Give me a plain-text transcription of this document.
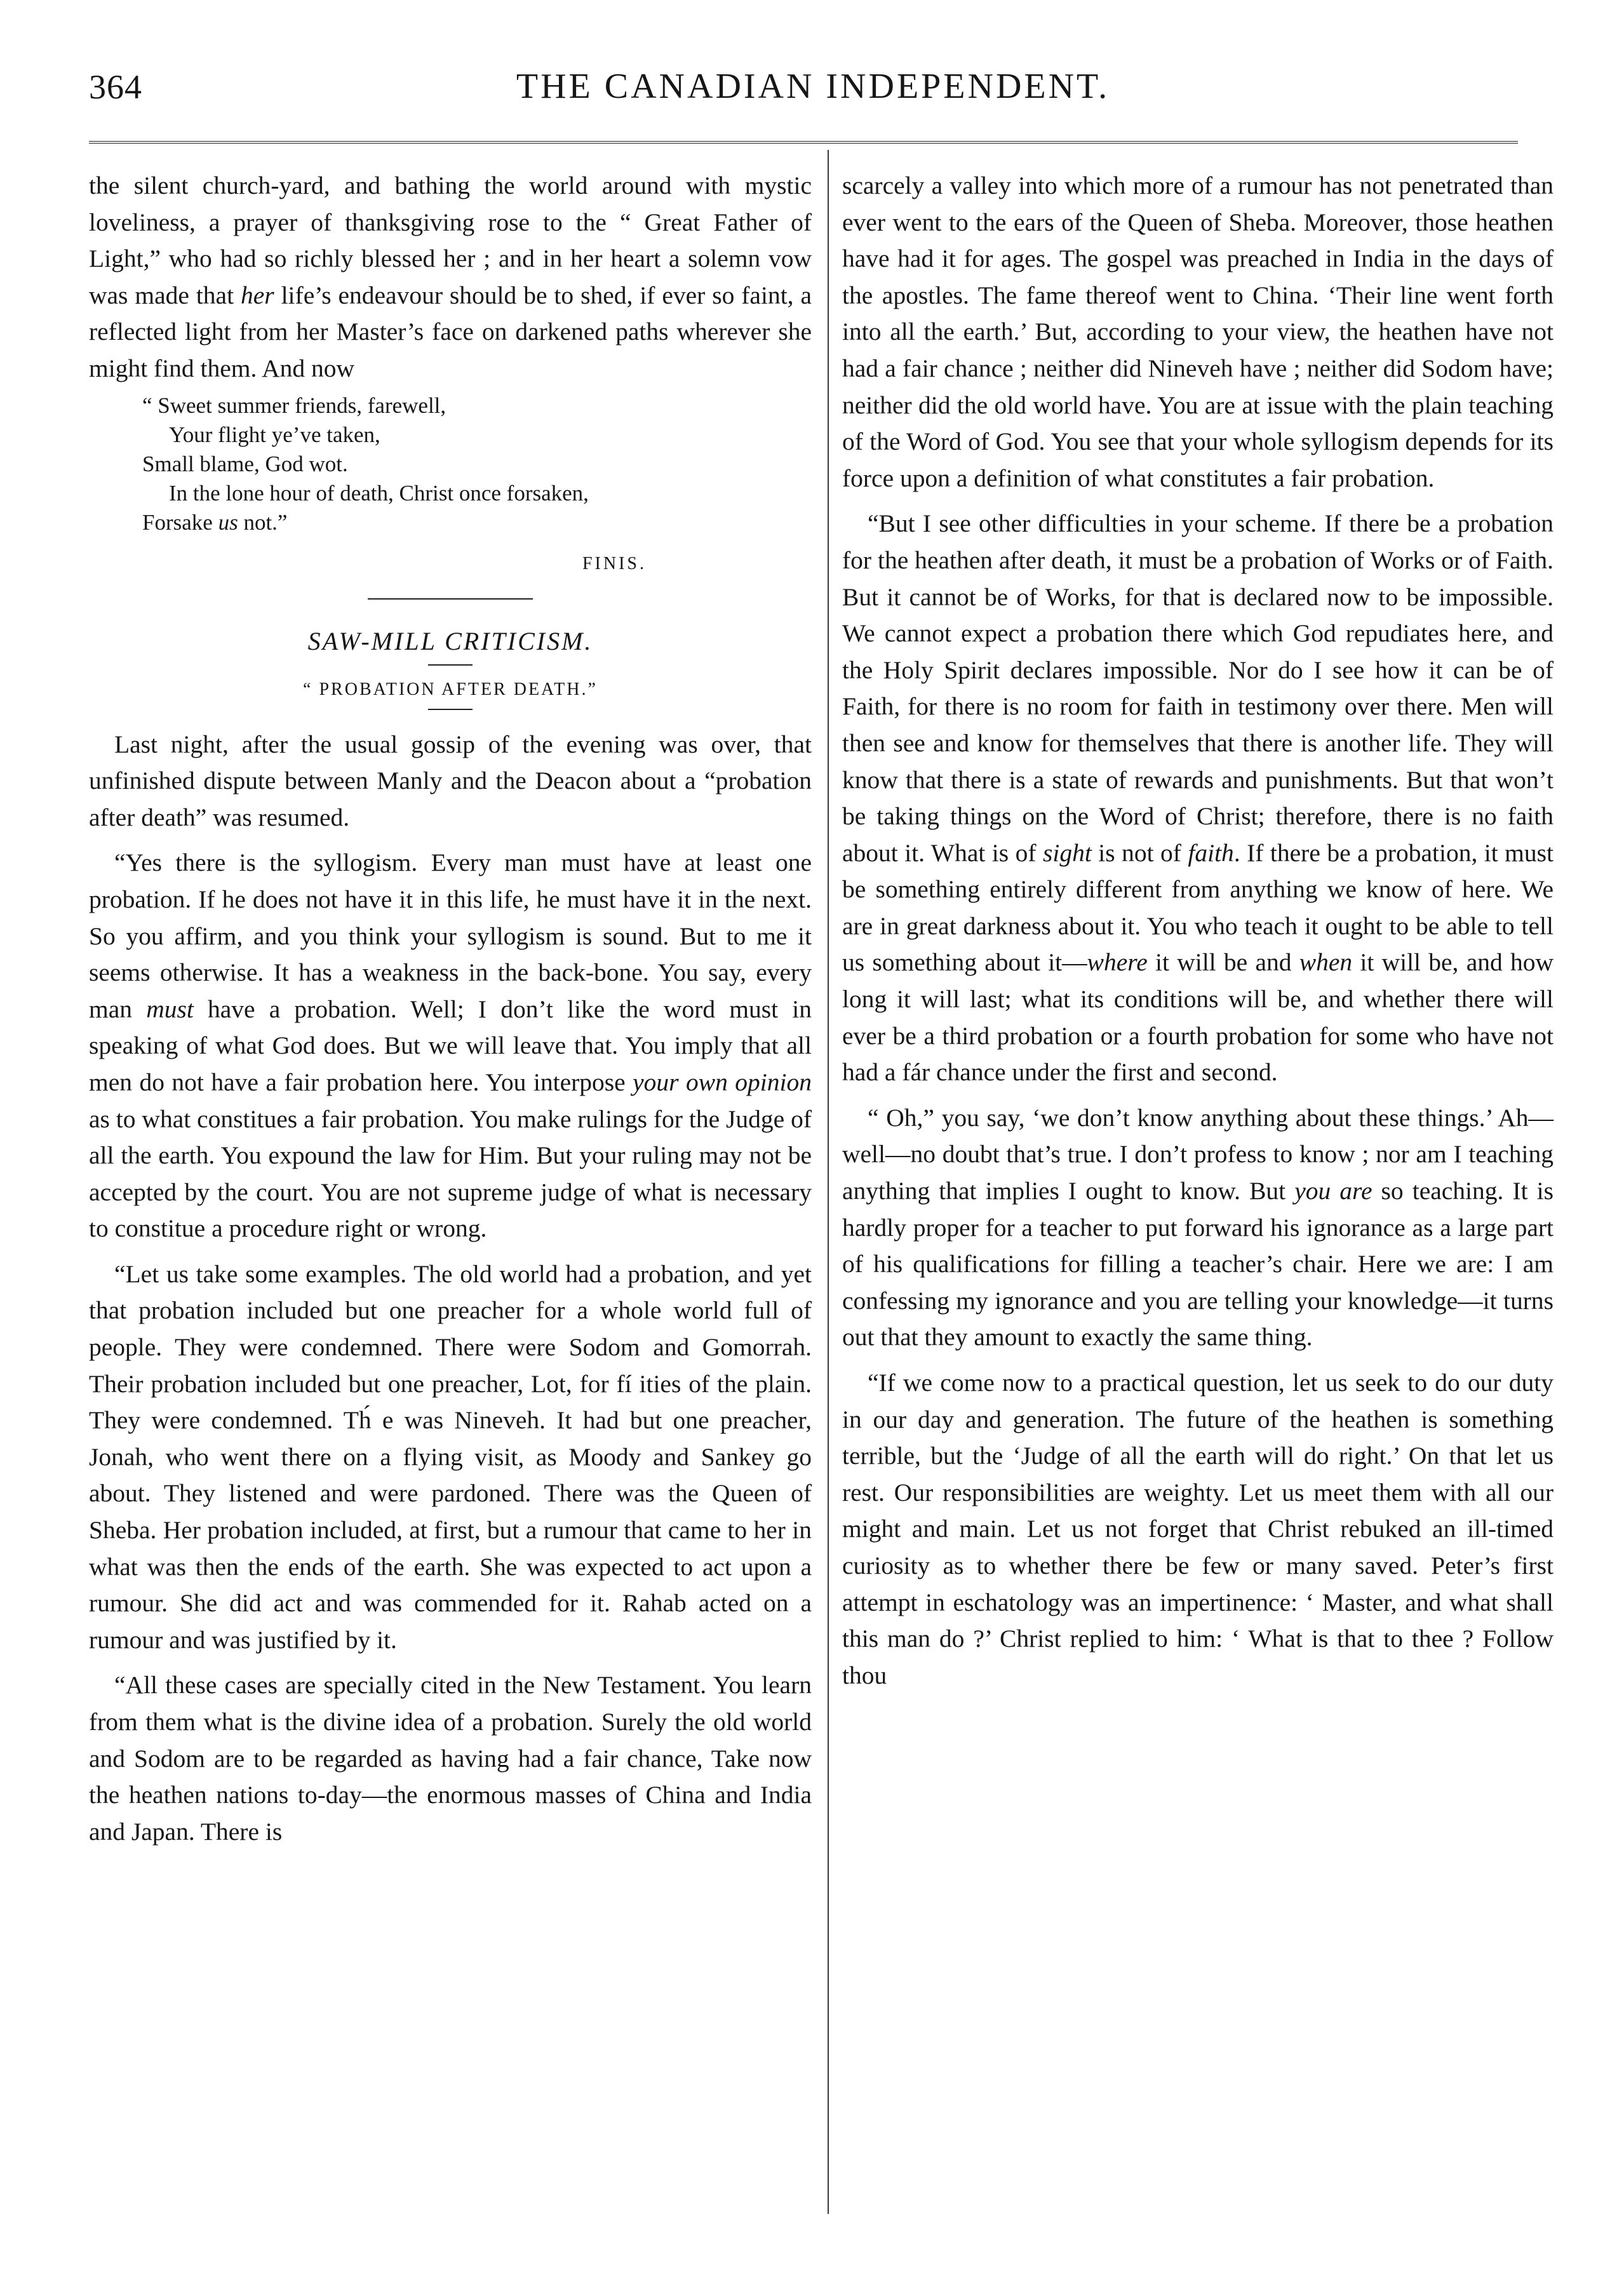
364	THE CANADIAN INDEPENDENT.

the silent church-yard, and bathing the world around with mystic loveliness, a prayer of thanksgiving rose to the “ Great Father of Light,” who had so richly blessed her ; and in her heart a solemn vow was made that her life’s endeavour should be to shed, if ever so faint, a reflected light from her Master’s face on darkened paths wherever she might find them. And now

“ Sweet summer friends, farewell,
Your flight ye’ve taken,
Small blame, God wot.
In the lone hour of death, Christ once forsaken,
Forsake us not.”
FINIS.
SAW-MILL CRITICISM.
“ PROBATION AFTER DEATH.”

Last night, after the usual gossip of the evening was over, that unfinished dispute between Manly and the Deacon about a “probation after death” was resumed.

“Yes there is the syllogism. Every man must have at least one probation. If he does not have it in this life, he must have it in the next. So you affirm, and you think your syllogism is sound. But to me it seems otherwise. It has a weakness in the back-bone. You say, every man must have a probation. Well; I don’t like the word must in speaking of what God does. But we will leave that. You imply that all men do not have a fair probation here. You interpose your own opinion as to what constitues a fair probation. You make rulings for the Judge of all the earth. You expound the law for Him. But your ruling may not be accepted by the court. You are not supreme judge of what is necessary to constitue a procedure right or wrong.

“Let us take some examples. The old world had a probation, and yet that probation included but one preacher for a whole world full of people. They were condemned. There were Sodom and Gomorrah. Their probation included but one preacher, Lot, for fí ities of the plain. They were condemned. Th́ e was Nineveh. It had but one preacher, Jonah, who went there on a flying visit, as Moody and Sankey go about. They listened and were pardoned. There was the Queen of Sheba. Her probation included, at first, but a rumour that came to her in what was then the ends of the earth. She was expected to act upon a rumour. She did act and was commended for it. Rahab acted on a rumour and was justified by it.

“All these cases are specially cited in the New Testament. You learn from them what is the divine idea of a probation. Surely the old world and Sodom are to be regarded as having had a fair chance, Take now the heathen nations to-day—the enormous masses of China and India and Japan. There is

scarcely a valley into which more of a rumour has not penetrated than ever went to the ears of the Queen of Sheba. Moreover, those heathen have had it for ages. The gospel was preached in India in the days of the apostles. The fame thereof went to China. ‘Their line went forth into all the earth.’ But, according to your view, the heathen have not had a fair chance ; neither did Nineveh have ; neither did Sodom have; neither did the old world have. You are at issue with the plain teaching of the Word of God. You see that your whole syllogism depends for its force upon a definition of what constitutes a fair probation.

“But I see other difficulties in your scheme. If there be a probation for the heathen after death, it must be a probation of Works or of Faith. But it cannot be of Works, for that is declared now to be impossible. We cannot expect a probation there which God repudiates here, and the Holy Spirit declares impossible. Nor do I see how it can be of Faith, for there is no room for faith in testimony over there. Men will then see and know for themselves that there is another life. They will know that there is a state of rewards and punishments. But that won’t be taking things on the Word of Christ; therefore, there is no faith about it. What is of sight is not of faith. If there be a probation, it must be something entirely different from anything we know of here. We are in great darkness about it. You who teach it ought to be able to tell us something about it—where it will be and when it will be, and how long it will last; what its conditions will be, and whether there will ever be a third probation or a fourth probation for some who have not had a fár chance under the first and second.

“ Oh,” you say, ‘we don’t know anything about these things.’ Ah—well—no doubt that’s true. I don’t profess to know ; nor am I teaching anything that implies I ought to know. But you are so teaching. It is hardly proper for a teacher to put forward his ignorance as a large part of his qualifications for filling a teacher’s chair. Here we are: I am confessing my ignorance and you are telling your knowledge—it turns out that they amount to exactly the same thing.

“If we come now to a practical question, let us seek to do our duty in our day and generation. The future of the heathen is something terrible, but the ‘Judge of all the earth will do right.’ On that let us rest. Our responsibilities are weighty. Let us meet them with all our might and main. Let us not forget that Christ rebuked an ill-timed curiosity as to whether there be few or many saved. Peter’s first attempt in eschatology was an impertinence: ‘ Master, and what shall this man do ?’ Christ replied to him: ‘ What is that to thee ? Follow thou
